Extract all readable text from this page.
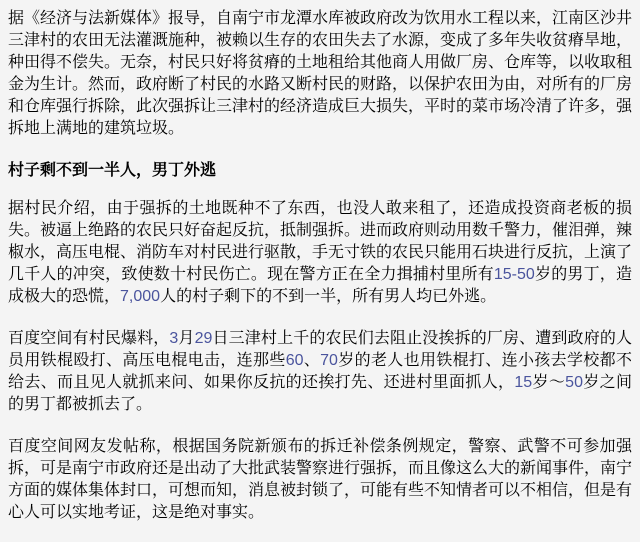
据《经济与法新媒体》报导，自南宁市龙潭水库被政府改为饮用水工程以来，江南区沙井三津村的农田无法灌溉施种，被赖以生存的农田失去了水源，变成了多年失收贫瘠旱地，种田得不偿失。无奈，村民只好将贫瘠的土地租给其他商人用做厂房、仓库等，以收取租金为生计。然而，政府断了村民的水路又断村民的财路，以保护农田为由，对所有的厂房和仓库强行拆除，此次强拆让三津村的经济造成巨大损失，平时的菜市场冷清了许多，强拆地上满地的建筑垃圾。

村子剩不到一半人，男丁外逃

据村民介绍，由于强拆的土地既种不了东西，也没人敢来租了，还造成投资商老板的损失。被逼上绝路的农民只好奋起反抗，抵制强拆。进而政府则动用数千警力，催泪弹，辣椒水，高压电棍、消防车对村民进行驱散，手无寸铁的农民只能用石块进行反抗，上演了几千人的冲突，致使数十村民伤亡。现在警方正在全力揖捕村里所有15-50岁的男丁，造成极大的恐慌，7,000人的村子剩下的不到一半，所有男人均已外逃。

百度空间有村民爆料，3月29日三津村上千的农民们去阻止没挨拆的厂房、遭到政府的人员用铁棍殴打、高压电棍电击，连那些60、70岁的老人也用铁棍打、连小孩去学校都不给去、而且见人就抓来问、如果你反抗的还挨打先、还进村里面抓人，15岁～50岁之间的男丁都被抓去了。

百度空间网友发帖称，根据国务院新颁布的拆迁补偿条例规定，警察、武警不可参加强拆，可是南宁市政府还是出动了大批武装警察进行强拆，而且像这么大的新闻事件，南宁方面的媒体集体封口，可想而知，消息被封锁了，可能有些不知情者可以不相信，但是有心人可以实地考证，这是绝对事实。
